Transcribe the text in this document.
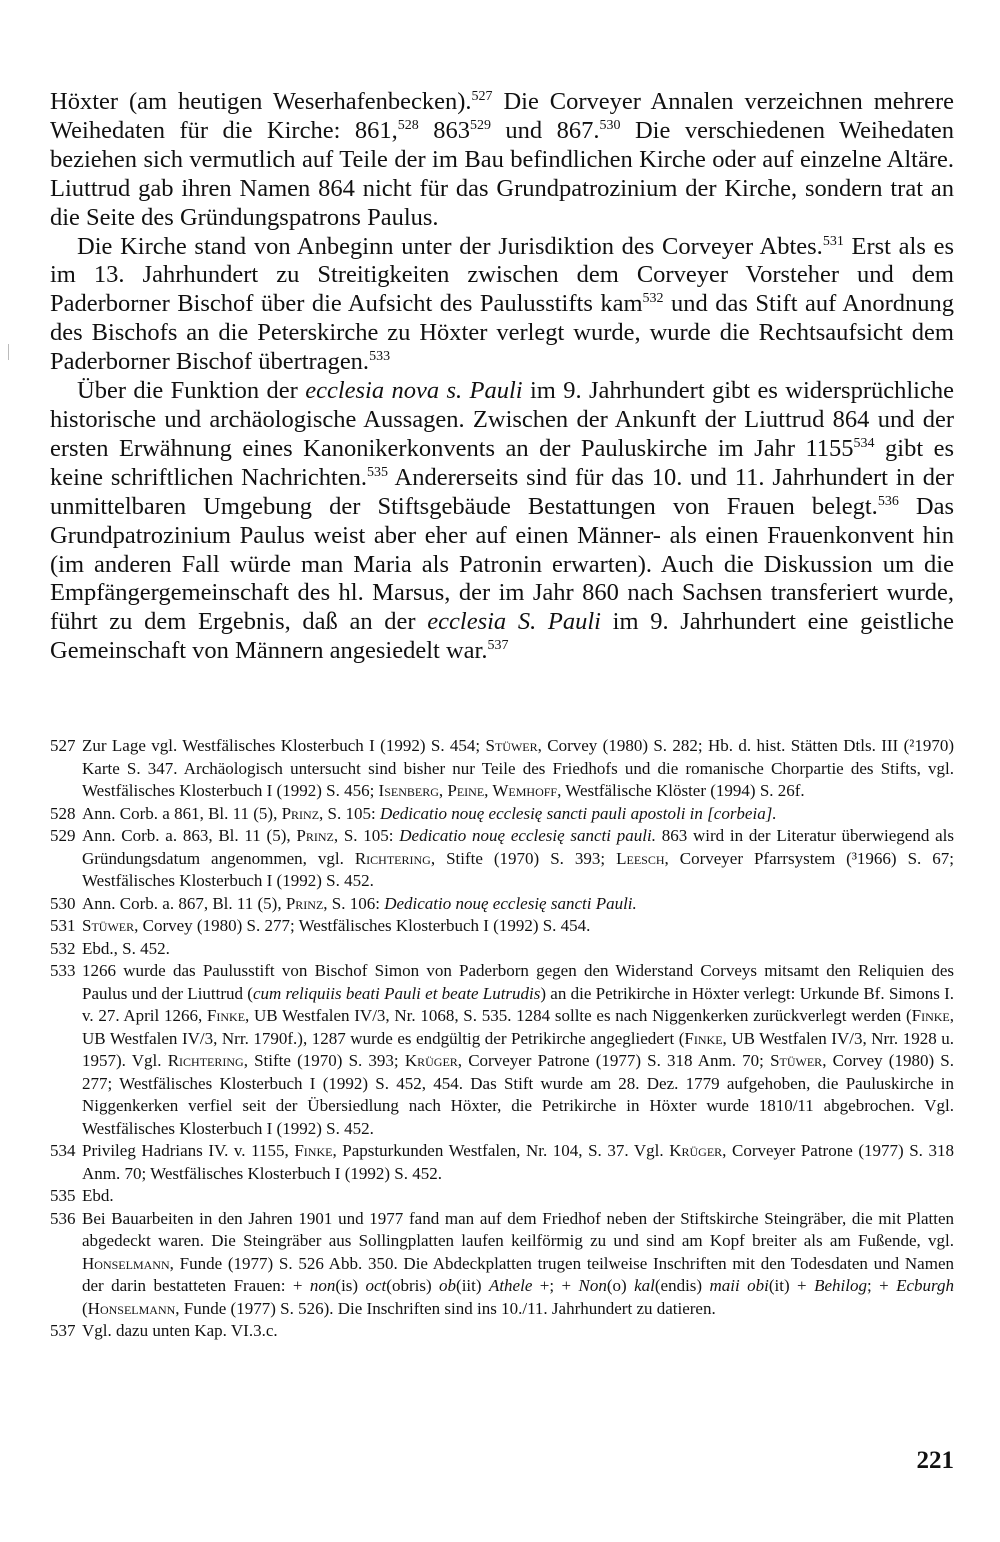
Höxter (am heutigen Weserhafenbecken).$^{527}$ Die Corveyer Annalen verzeichnen mehrere Weihedaten für die Kirche: 861,$^{528}$ $863^{529}$ und 867.$^{530}$ Die verschiedenen Weihedaten beziehen sich vermutlich auf Teile der im Bau befindlichen Kirche oder auf einzelne Altäre. Liuttrud gab ihren Namen 864 nicht für das Grundpatrozinium der Kirche, sondern trat an die Seite des Gründungspatrons Paulus.

Die Kirche stand von Anbeginn unter der Jurisdiktion des Corveyer Abtes.$^{531}$ Erst als es im 13. Jahrhundert zu Streitigkeiten zwischen dem Corveyer Vorsteher und dem Paderborner Bischof über die Aufsicht des Paulusstifts kam$^{532}$ und das Stift auf Anordnung des Bischofs an die Peterskirche zu Höxter verlegt wurde, wurde die Rechtsaufsicht dem Paderborner Bischof übertragen.$^{533}$

Über die Funktion der ecclesia nova s. Pauli im 9. Jahrhundert gibt es widersprüchliche historische und archäologische Aussagen. Zwischen der Ankunft der Liuttrud 864 und der ersten Erwähnung eines Kanonikerkonvents an der Pauluskirche im Jahr 1155$^{534}$ gibt es keine schriftlichen Nachrichten.$^{535}$ Andererseits sind für das 10. und 11. Jahrhundert in der unmittelbaren Umgebung der Stiftsgebäude Bestattungen von Frauen belegt.$^{536}$ Das Grundpatrozinium Paulus weist aber eher auf einen Männer- als einen Frauenkonvent hin (im anderen Fall würde man Maria als Patronin erwarten). Auch die Diskussion um die Empfängergemeinschaft des hl. Marsus, der im Jahr 860 nach Sachsen transferiert wurde, führt zu dem Ergebnis, daß an der ecclesia S. Pauli im 9. Jahrhundert eine geistliche Gemeinschaft von Männern angesiedelt war.$^{537}$

527 Zur Lage vgl. Westfälisches Klosterbuch I (1992) S. 454; Stüwer, Corvey (1980) S. 282; Hb. d. hist. Stätten Dtls. III (²1970) Karte S. 347. Archäologisch untersucht sind bisher nur Teile des Friedhofs und die romanische Chorpartie des Stifts, vgl. Westfälisches Klosterbuch I (1992) S. 456; Isenberg, Peine, Wemhoff, Westfälische Klöster (1994) S. 26f.
528 Ann. Corb. a 861, Bl. 11 (5), Prinz, S. 105: Dedicatio nouę ecclesię sancti pauli apostoli in [corbeia].
529 Ann. Corb. a. 863, Bl. 11 (5), Prinz, S. 105: Dedicatio nouę ecclesię sancti pauli. 863 wird in der Literatur überwiegend als Gründungsdatum angenommen, vgl. Richtering, Stifte (1970) S. 393; Leesch, Corveyer Pfarrsystem (³1966) S. 67; Westfälisches Klosterbuch I (1992) S. 452.
530 Ann. Corb. a. 867, Bl. 11 (5), Prinz, S. 106: Dedicatio nouę ecclesię sancti Pauli.
531 Stüwer, Corvey (1980) S. 277; Westfälisches Klosterbuch I (1992) S. 454.
532 Ebd., S. 452.
533 1266 wurde das Paulusstift von Bischof Simon von Paderborn gegen den Widerstand Corveys mitsamt den Reliquien des Paulus und der Liuttrud (cum reliquiis beati Pauli et beate Lutrudis) an die Petrikirche in Höxter verlegt: Urkunde Bf. Simons I. v. 27. April 1266, Finke, UB Westfalen IV/3, Nr. 1068, S. 535. 1284 sollte es nach Niggenkerken zurückverlegt werden (Finke, UB Westfalen IV/3, Nrr. 1790f.), 1287 wurde es endgültig der Petrikirche angegliedert (Finke, UB Westfalen IV/3, Nrr. 1928 u. 1957). Vgl. Richtering, Stifte (1970) S. 393; Krüger, Corveyer Patrone (1977) S. 318 Anm. 70; Stüwer, Corvey (1980) S. 277; Westfälisches Klosterbuch I (1992) S. 452, 454. Das Stift wurde am 28. Dez. 1779 aufgehoben, die Pauluskirche in Niggenkerken verfiel seit der Übersiedlung nach Höxter, die Petrikirche in Höxter wurde 1810/11 abgebrochen. Vgl. Westfälisches Klosterbuch I (1992) S. 452.
534 Privileg Hadrians IV. v. 1155, Finke, Papsturkunden Westfalen, Nr. 104, S. 37. Vgl. Krüger, Corveyer Patrone (1977) S. 318 Anm. 70; Westfälisches Klosterbuch I (1992) S. 452.
535 Ebd.
536 Bei Bauarbeiten in den Jahren 1901 und 1977 fand man auf dem Friedhof neben der Stiftskirche Steingräber, die mit Platten abgedeckt waren. Die Steingräber aus Sollingplatten laufen keilförmig zu und sind am Kopf breiter als am Fußende, vgl. Honselmann, Funde (1977) S. 526 Abb. 350. Die Abdeckplatten trugen teilweise Inschriften mit den Todesdaten und Namen der darin bestatteten Frauen: + non(is) oct(obris) ob(iit) Athele +; + Non(o) kal(endis) maii obi(it) + Behilog; + Ecburgh (Honselmann, Funde (1977) S. 526). Die Inschriften sind ins 10./11. Jahrhundert zu datieren.
537 Vgl. dazu unten Kap. VI.3.c.
221
